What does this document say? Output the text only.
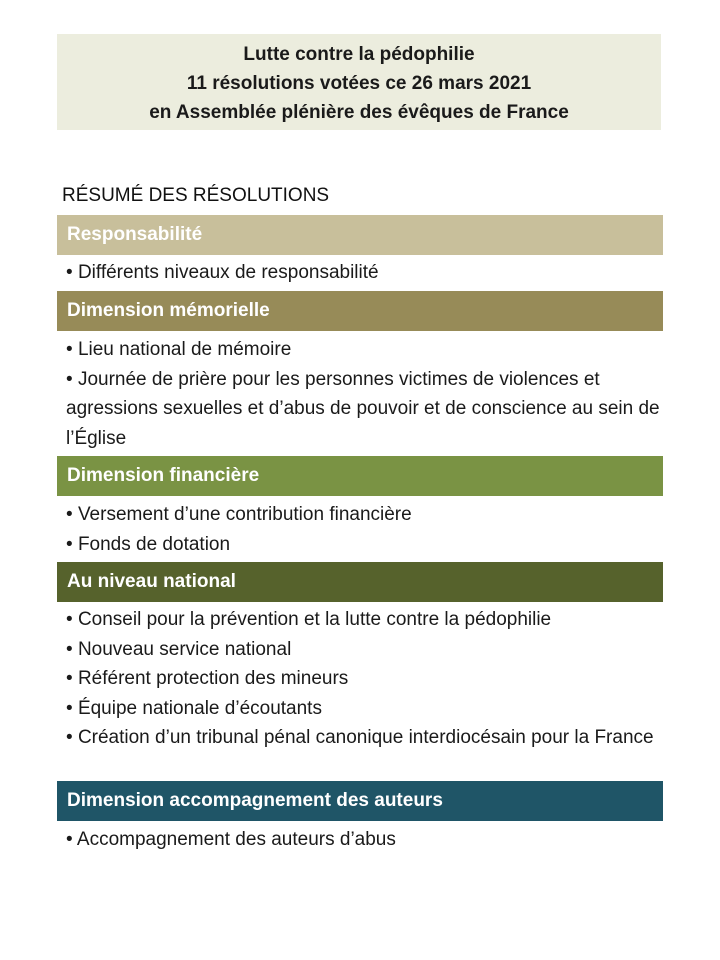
Lutte contre la pédophilie
11 résolutions votées ce 26 mars 2021
en Assemblée plénière des évêques de France
RÉSUMÉ DES RÉSOLUTIONS
Responsabilité
• Différents niveaux de responsabilité
Dimension mémorielle
• Lieu national de mémoire
• Journée de prière pour les personnes victimes de violences et agressions sexuelles et d’abus de pouvoir et de conscience au sein de l’Église
Dimension financière
• Versement d’une contribution financière
• Fonds de dotation
Au niveau national
• Conseil pour la prévention et la lutte contre la pédophilie
• Nouveau service national
• Référent protection des mineurs
• Équipe nationale d’écoutants
• Création d’un tribunal pénal canonique interdiocésain pour la France
Dimension accompagnement des auteurs
• Accompagnement des auteurs d’abus
